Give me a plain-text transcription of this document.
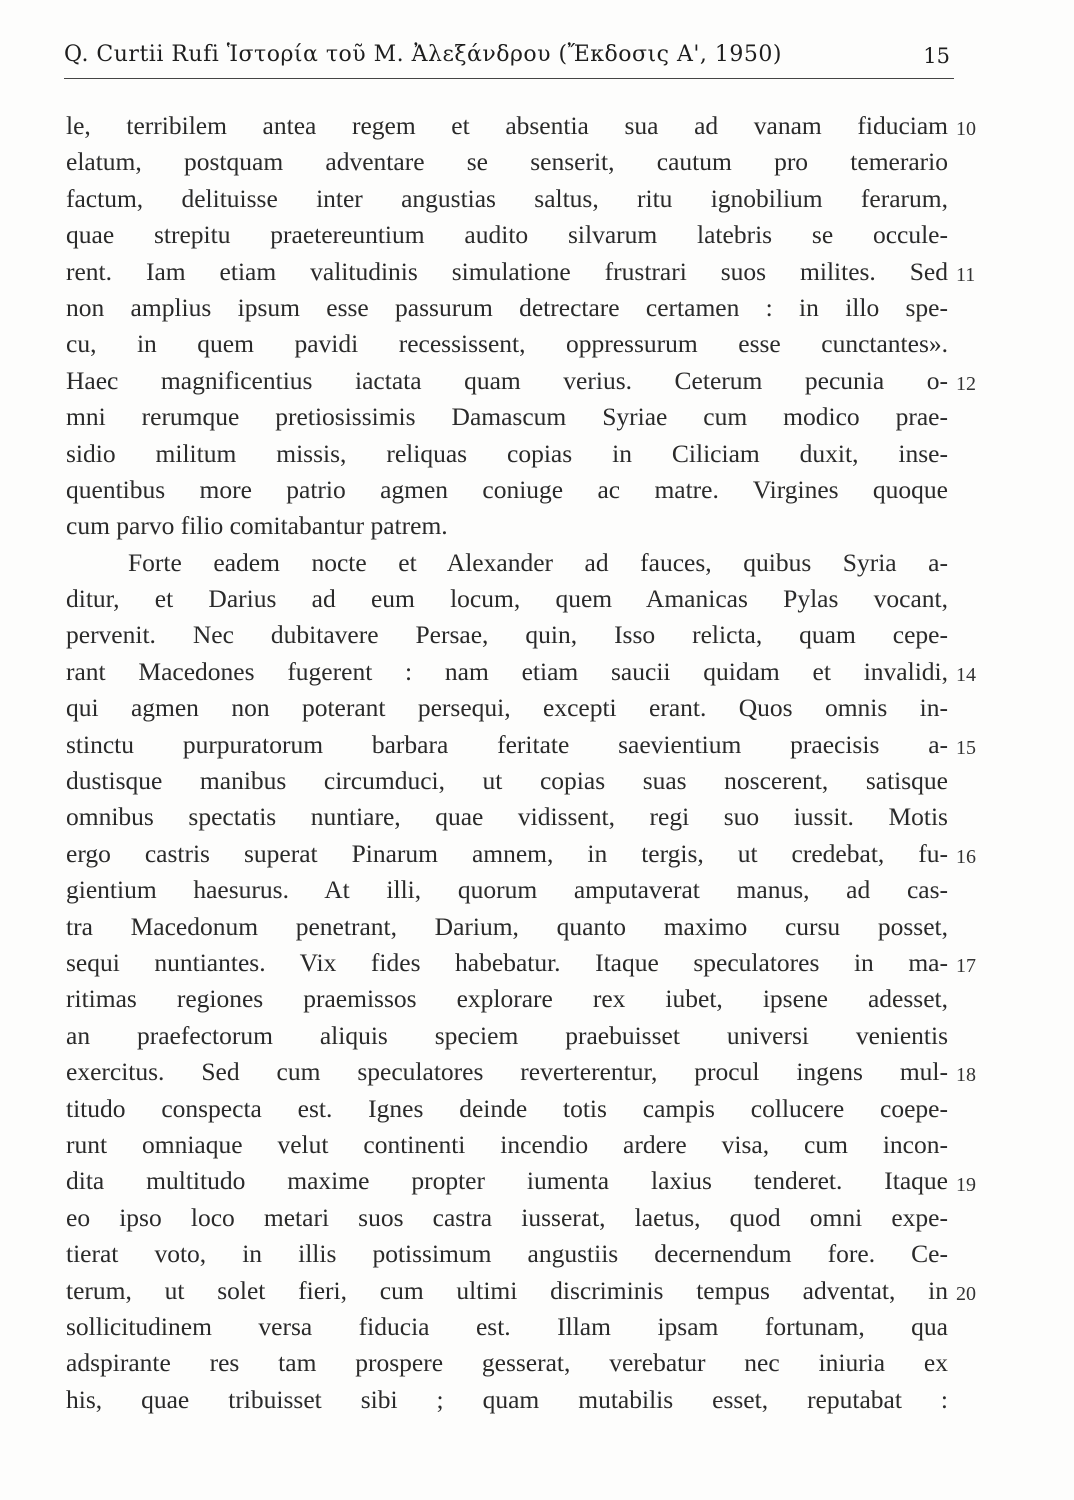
Q. Curtii Rufi Ἱστορία τοῦ Μ. Ἀλεξάνδρου (Ἔκδοσις Α', 1950)	15
le, terribilem antea regem et absentia sua ad vanam fiduciam
elatum, postquam adventare se senserit, cautum pro temerario
factum, delituisse inter angustias saltus, ritu ignobilium ferarum,
quae strepitu praetereuntium audito silvarum latebris se occule-
rent. Iam etiam valitudinis simulatione frustrari suos milites. Sed
non amplius ipsum esse passurum detrectare certamen : in illo spe-
cu, in quem pavidi recessissent, oppressurum esse cunctantes».
Haec magnificentius iactata quam verius. Ceterum pecunia o-
mni rerumque pretiosissimis Damascum Syriae cum modico prae-
sidio militum missis, reliquas copias in Ciliciam duxit, inse-
quentibus more patrio agmen coniuge ac matre. Virgines quoque
cum parvo filio comitabantur patrem.
Forte eadem nocte et Alexander ad fauces, quibus Syria a-
ditur, et Darius ad eum locum, quem Amanicas Pylas vocant,
pervenit. Nec dubitavere Persae, quin, Isso relicta, quam cepe-
rant Macedones fugerent : nam etiam saucii quidam et invalidi,
qui agmen non poterant persequi, excepti erant. Quos omnis in-
stinctu purpuratorum barbara feritate saevientium praecisis a-
dustisque manibus circumduci, ut copias suas noscerent, satisque
omnibus spectatis nuntiare, quae vidissent, regi suo iussit. Motis
ergo castris superat Pinarum amnem, in tergis, ut credebat, fu-
gientium haesurus. At illi, quorum amputaverat manus, ad cas-
tra Macedonum penetrant, Darium, quanto maximo cursu posset,
sequi nuntiantes. Vix fides habebatur. Itaque speculatores in ma-
ritimas regiones praemissos explorare rex iubet, ipsene adesset,
an praefectorum aliquis speciem praebuisset universi venientis
exercitus. Sed cum speculatores reverterentur, procul ingens mul-
titudo conspecta est. Ignes deinde totis campis collucere coepe-
runt omniaque velut continenti incendio ardere visa, cum incon-
dita multitudo maxime propter iumenta laxius tenderet. Itaque
eo ipso loco metari suos castra iusserat, laetus, quod omni expe-
tierat voto, in illis potissimum angustiis decernendum fore. Ce-
terum, ut solet fieri, cum ultimi discriminis tempus adventat, in
sollicitudinem versa fiducia est. Illam ipsam fortunam, qua
adspirante res tam prospere gesserat, verebatur nec iniuria ex
his, quae tribuisset sibi ; quam mutabilis esset, reputabat :
10
11
12
14
15
16
17
18
19
20
